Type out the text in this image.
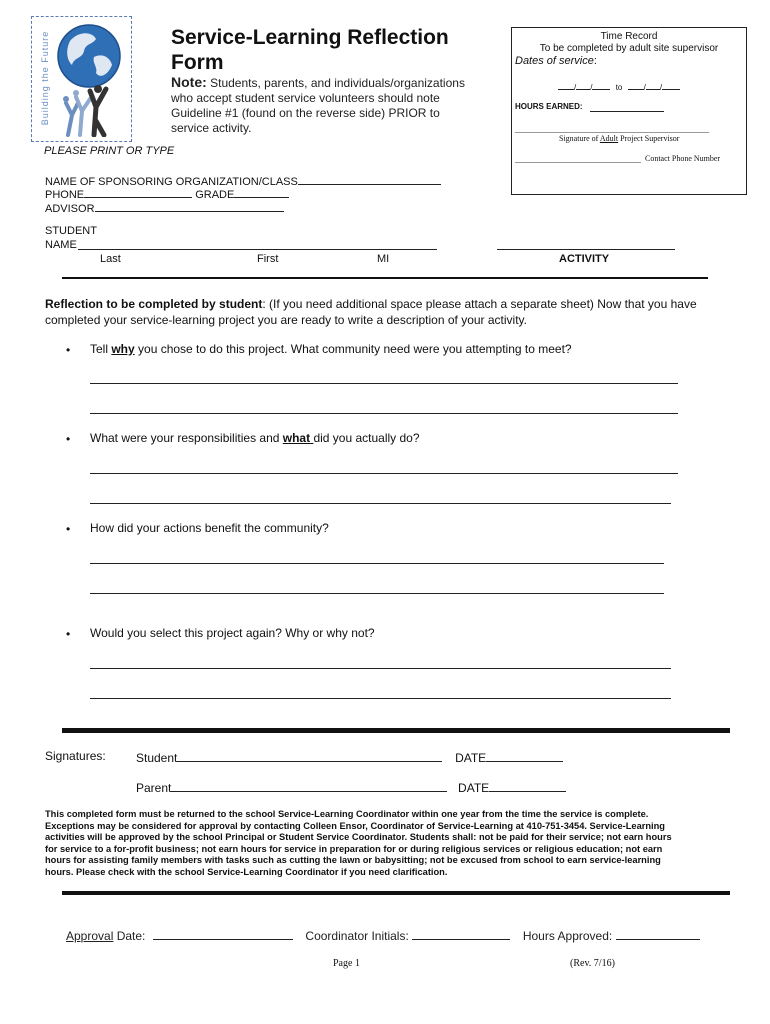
Building the Future	Service-Learning Reflection
Form
Note: Students, parents, and individuals/organizations
who accept student service volunteers should note
Guideline #1 (found on the reverse side) PRIOR to
service activity.
Time Record
To be completed by adult site supervisor
Dates of service:
/ /	to	/ /
HOURS EARNED:
Signature of Adult Project Supervisor
Contact Phone Number
PLEASE PRINT OR TYPE
NAME OF SPONSORING ORGANIZATION/CLASS
PHONE	GRADE
ADVISOR
STUDENT
NAME
Last	First	MI	ACTIVITY
Reflection to be completed by student: (If you need additional space please attach a separate sheet) Now that you have
completed your service-learning project you are ready to write a description of your activity.
• Tell why you chose to do this project. What community need were you attempting to meet?
• What were your responsibilities and what did you actually do?
• How did your actions benefit the community?
• Would you select this project again? Why or why not?
Signatures:	Student	DATE
Parent	DATE
This completed form must be returned to the school Service-Learning Coordinator within one year from the time the service is complete.
Exceptions may be considered for approval by contacting Colleen Ensor, Coordinator of Service-Learning at 410-751-3454. Service-Learning
activities will be approved by the school Principal or Student Service Coordinator. Students shall: not be paid for their service; not earn hours
for service to a for-profit business; not earn hours for service in preparation for or during religious services or religious education; not earn
hours for assisting family members with tasks such as cutting the lawn or babysitting; not be excused from school to earn service-learning
hours. Please check with the school Service-Learning Coordinator if you need clarification.
Approval Date:	Coordinator Initials:	Hours Approved:
Page 1	(Rev. 7/16)
